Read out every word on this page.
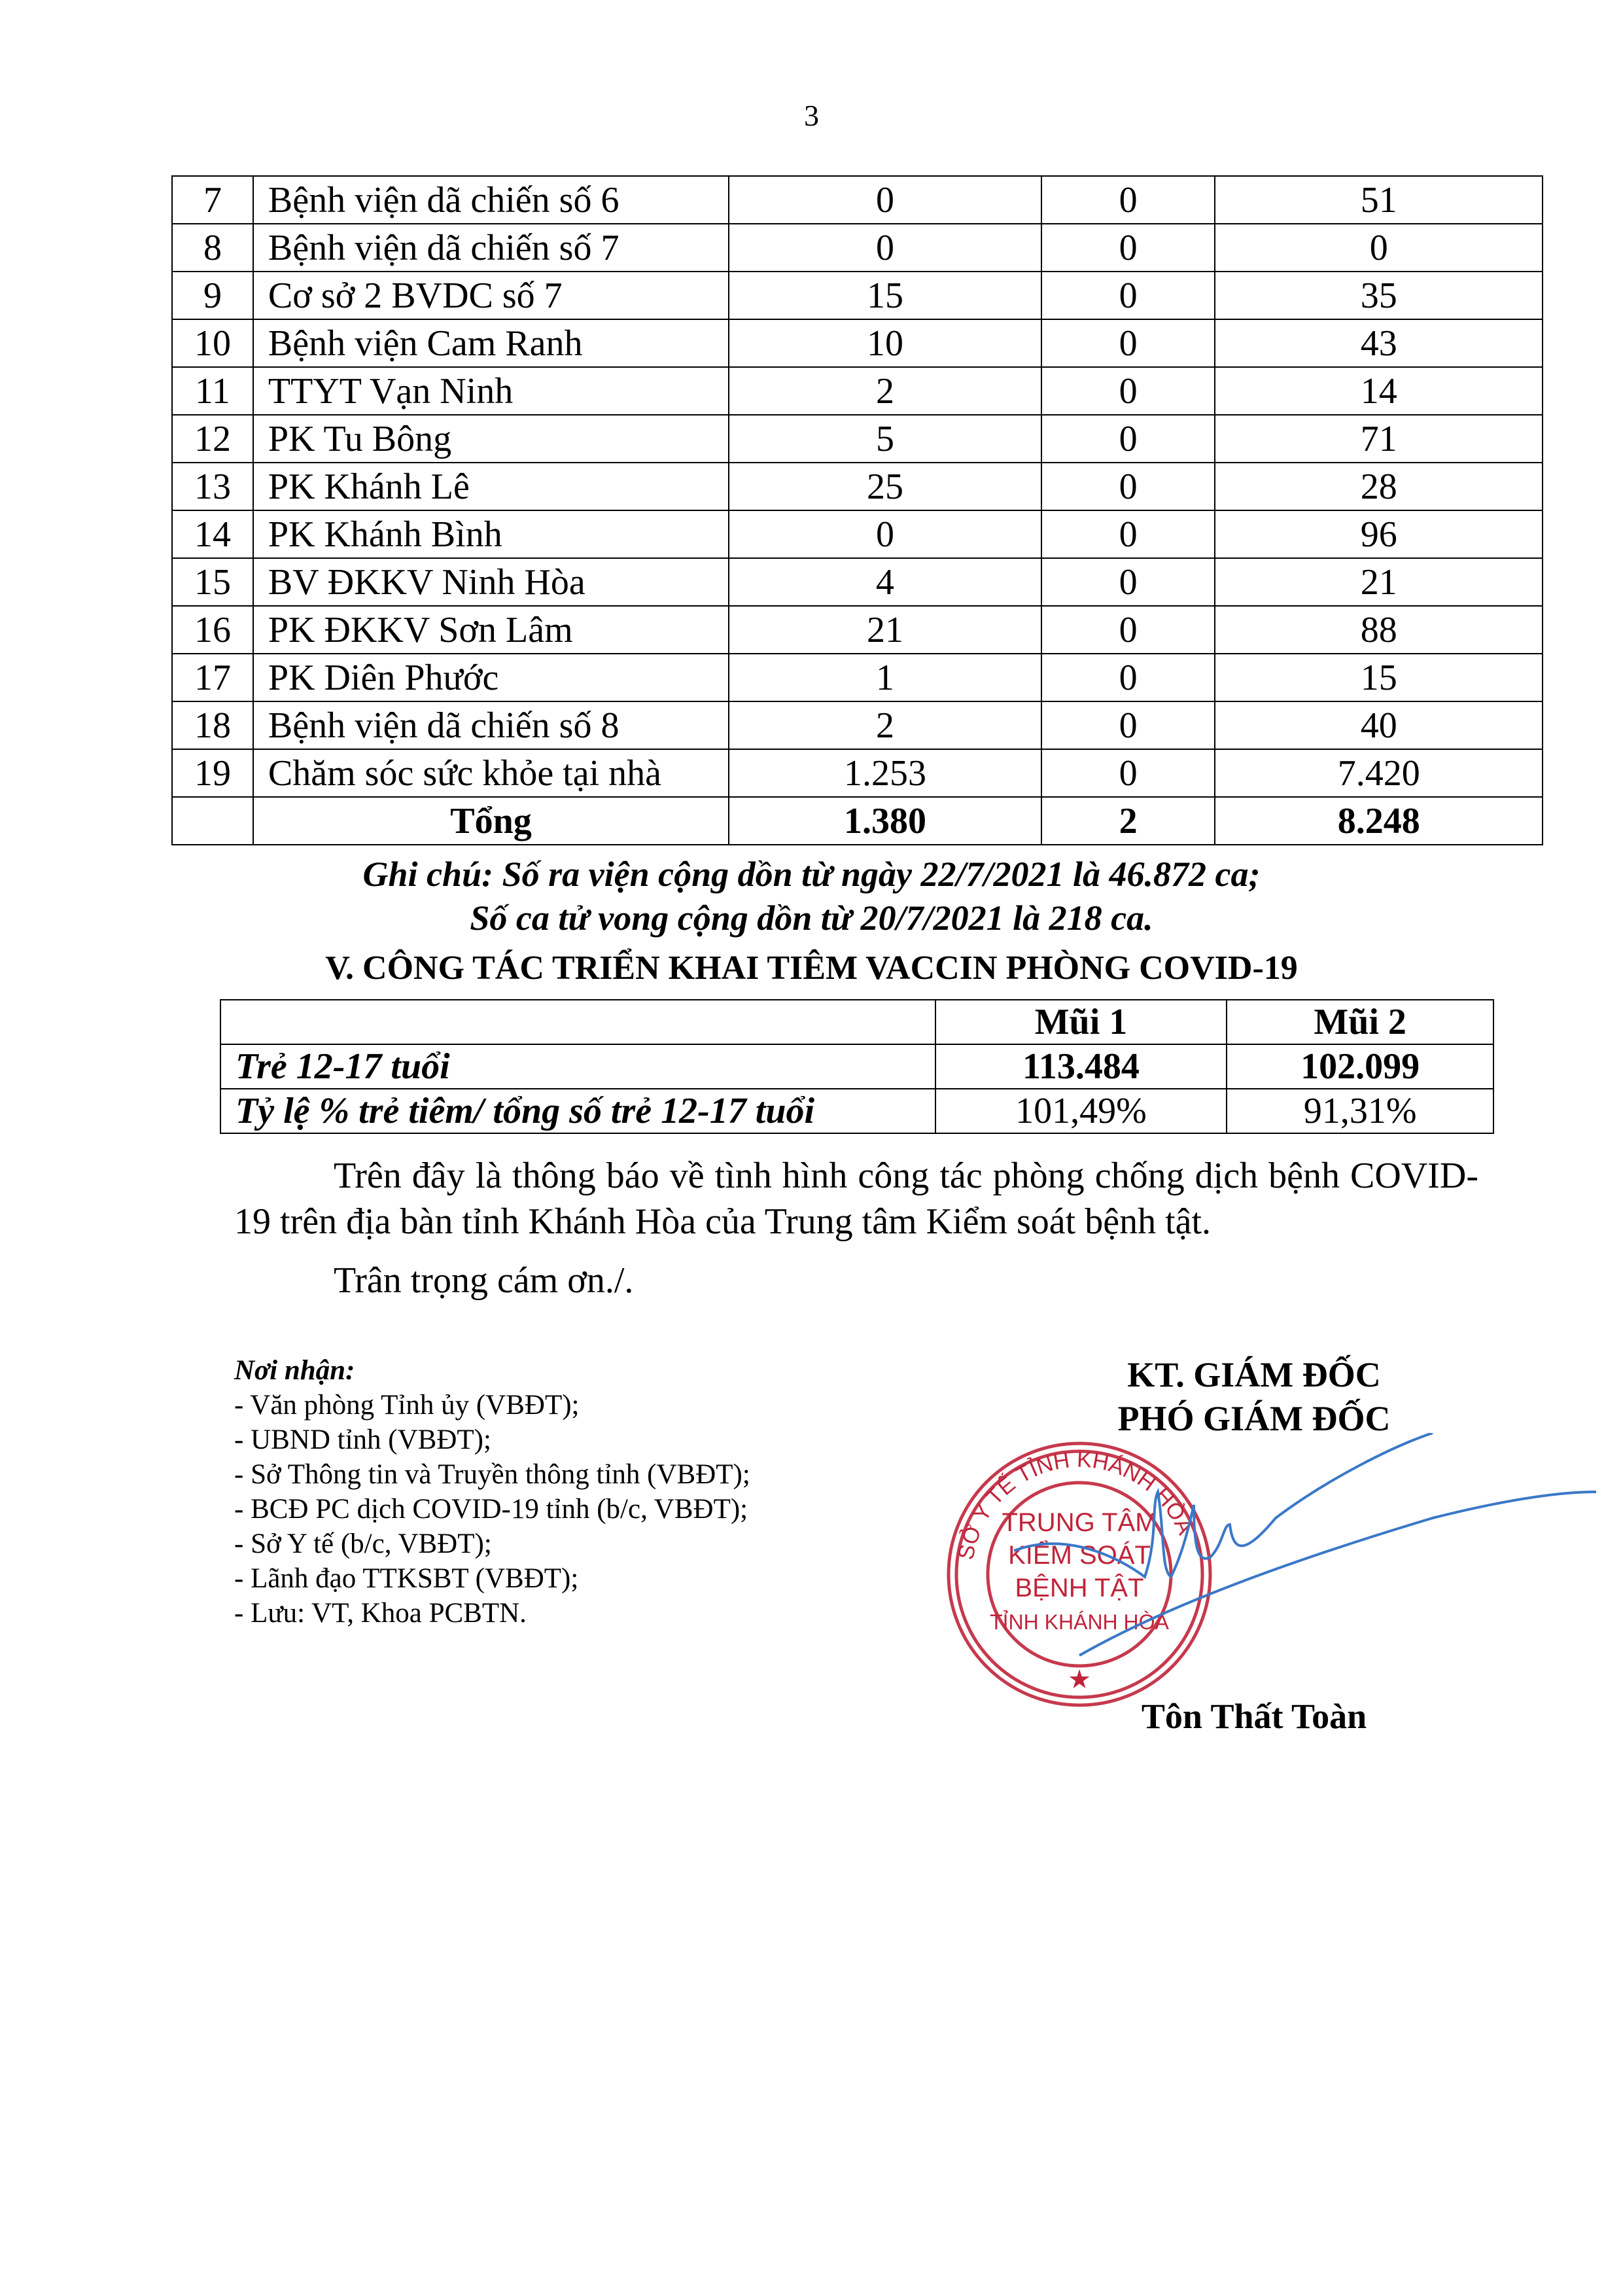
3
7	Bệnh viện dã chiến số 6	0	0	51
8	Bệnh viện dã chiến số 7	0	0	0
9	Cơ sở 2 BVDC số 7	15	0	35
10	Bệnh viện Cam Ranh	10	0	43
11	TTYT Vạn Ninh	2	0	14
12	PK Tu Bông	5	0	71
13	PK Khánh Lê	25	0	28
14	PK Khánh Bình	0	0	96
15	BV ĐKKV Ninh Hòa	4	0	21
16	PK ĐKKV Sơn Lâm	21	0	88
17	PK Diên Phước	1	0	15
18	Bệnh viện dã chiến số 8	2	0	40
19	Chăm sóc sức khỏe tại nhà	1.253	0	7.420
	Tổng	1.380	2	8.248
Ghi chú: Số ra viện cộng dồn từ ngày 22/7/2021 là 46.872 ca;
Số ca tử vong cộng dồn từ 20/7/2021 là 218 ca.
V. CÔNG TÁC TRIỂN KHAI TIÊM VACCIN PHÒNG COVID-19
	Mũi 1	Mũi 2
Trẻ 12-17 tuổi	113.484	102.099
Tỷ lệ % trẻ tiêm/ tổng số trẻ 12-17 tuổi	101,49%	91,31%
Trên đây là thông báo về tình hình công tác phòng chống dịch bệnh COVID-19 trên địa bàn tỉnh Khánh Hòa của Trung tâm Kiểm soát bệnh tật.
Trân trọng cám ơn./.
Nơi nhận:
- Văn phòng Tỉnh ủy (VBĐT);
- UBND tỉnh (VBĐT);
- Sở Thông tin và Truyền thông tỉnh (VBĐT);
- BCĐ PC dịch COVID-19 tỉnh (b/c, VBĐT);
- Sở Y tế (b/c, VBĐT);
- Lãnh đạo TTKSBT (VBĐT);
- Lưu: VT, Khoa PCBTN.
KT. GIÁM ĐỐC
PHÓ GIÁM ĐỐC
SỞ Y TẾ TỈNH KHÁNH HÒA
TRUNG TÂM
KIỂM SOÁT
BỆNH TẬT
TỈNH KHÁNH HÒA
★
Tôn Thất Toàn
